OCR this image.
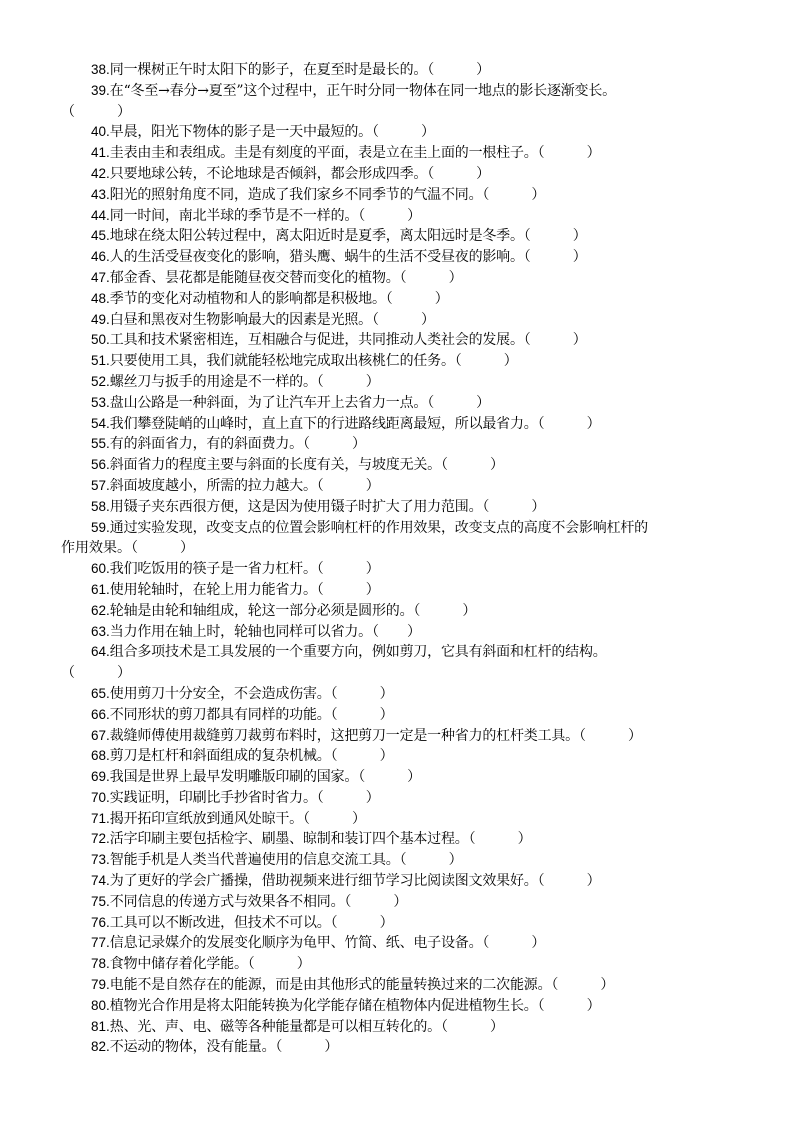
38.同一棵树正午时太阳下的影子，在夏至时是最长的。（　　　）
39.在“冬至→春分→夏至”这个过程中，正午时分同一物体在同一地点的影长逐渐变长。
（　　　）
40.早晨，阳光下物体的影子是一天中最短的。（　　　）
41.圭表由圭和表组成。圭是有刻度的平面，表是立在圭上面的一根柱子。（　　　）
42.只要地球公转，不论地球是否倾斜，都会形成四季。（　　　）
43.阳光的照射角度不同，造成了我们家乡不同季节的气温不同。（　　　）
44.同一时间，南北半球的季节是不一样的。（　　　）
45.地球在绕太阳公转过程中，离太阳近时是夏季，离太阳远时是冬季。（　　　）
46.人的生活受昼夜变化的影响，猎头鹰、蜗牛的生活不受昼夜的影响。（　　　）
47.郁金香、昙花都是能随昼夜交替而变化的植物。（　　　）
48.季节的变化对动植物和人的影响都是积极地。（　　　）
49.白昼和黑夜对生物影响最大的因素是光照。（　　　）
50.工具和技术紧密相连，互相融合与促进，共同推动人类社会的发展。（　　　）
51.只要使用工具，我们就能轻松地完成取出核桃仁的任务。（　　　）
52.螺丝刀与扳手的用途是不一样的。（　　　）
53.盘山公路是一种斜面，为了让汽车开上去省力一点。（　　　）
54.我们攀登陡峭的山峰时，直上直下的行进路线距离最短，所以最省力。（　　　）
55.有的斜面省力，有的斜面费力。（　　　）
56.斜面省力的程度主要与斜面的长度有关，与坡度无关。（　　　）
57.斜面坡度越小，所需的拉力越大。（　　　）
58.用镊子夹东西很方便，这是因为使用镊子时扩大了用力范围。（　　　）
59.通过实验发现，改变支点的位置会影响杠杆的作用效果，改变支点的高度不会影响杠杆的
作用效果。（　　　）
60.我们吃饭用的筷子是一省力杠杆。（　　　）
61.使用轮轴时，在轮上用力能省力。（　　　）
62.轮轴是由轮和轴组成，轮这一部分必须是圆形的。（　　　）
63.当力作用在轴上时，轮轴也同样可以省力。（　　）
64.组合多项技术是工具发展的一个重要方向，例如剪刀，它具有斜面和杠杆的结构。
（　　　）
65.使用剪刀十分安全，不会造成伤害。（　　　）
66.不同形状的剪刀都具有同样的功能。（　　　）
67.裁缝师傅使用裁缝剪刀裁剪布料时，这把剪刀一定是一种省力的杠杆类工具。（　　　）
68.剪刀是杠杆和斜面组成的复杂机械。（　　　）
69.我国是世界上最早发明雕版印刷的国家。（　　　）
70.实践证明，印刷比手抄省时省力。（　　　）
71.揭开拓印宣纸放到通风处晾干。（　　　）
72.活字印刷主要包括检字、刷墨、晾制和装订四个基本过程。（　　　）
73.智能手机是人类当代普遍使用的信息交流工具。（　　　）
74.为了更好的学会广播操，借助视频来进行细节学习比阅读图文效果好。（　　　）
75.不同信息的传递方式与效果各不相同。（　　　）
76.工具可以不断改进，但技术不可以。（　　　）
77.信息记录媒介的发展变化顺序为龟甲、竹简、纸、电子设备。（　　　）
78.食物中储存着化学能。（　　　）
79.电能不是自然存在的能源，而是由其他形式的能量转换过来的二次能源。（　　　）
80.植物光合作用是将太阳能转换为化学能存储在植物体内促进植物生长。（　　　）
81.热、光、声、电、磁等各种能量都是可以相互转化的。（　　　）
82.不运动的物体，没有能量。（　　　）
